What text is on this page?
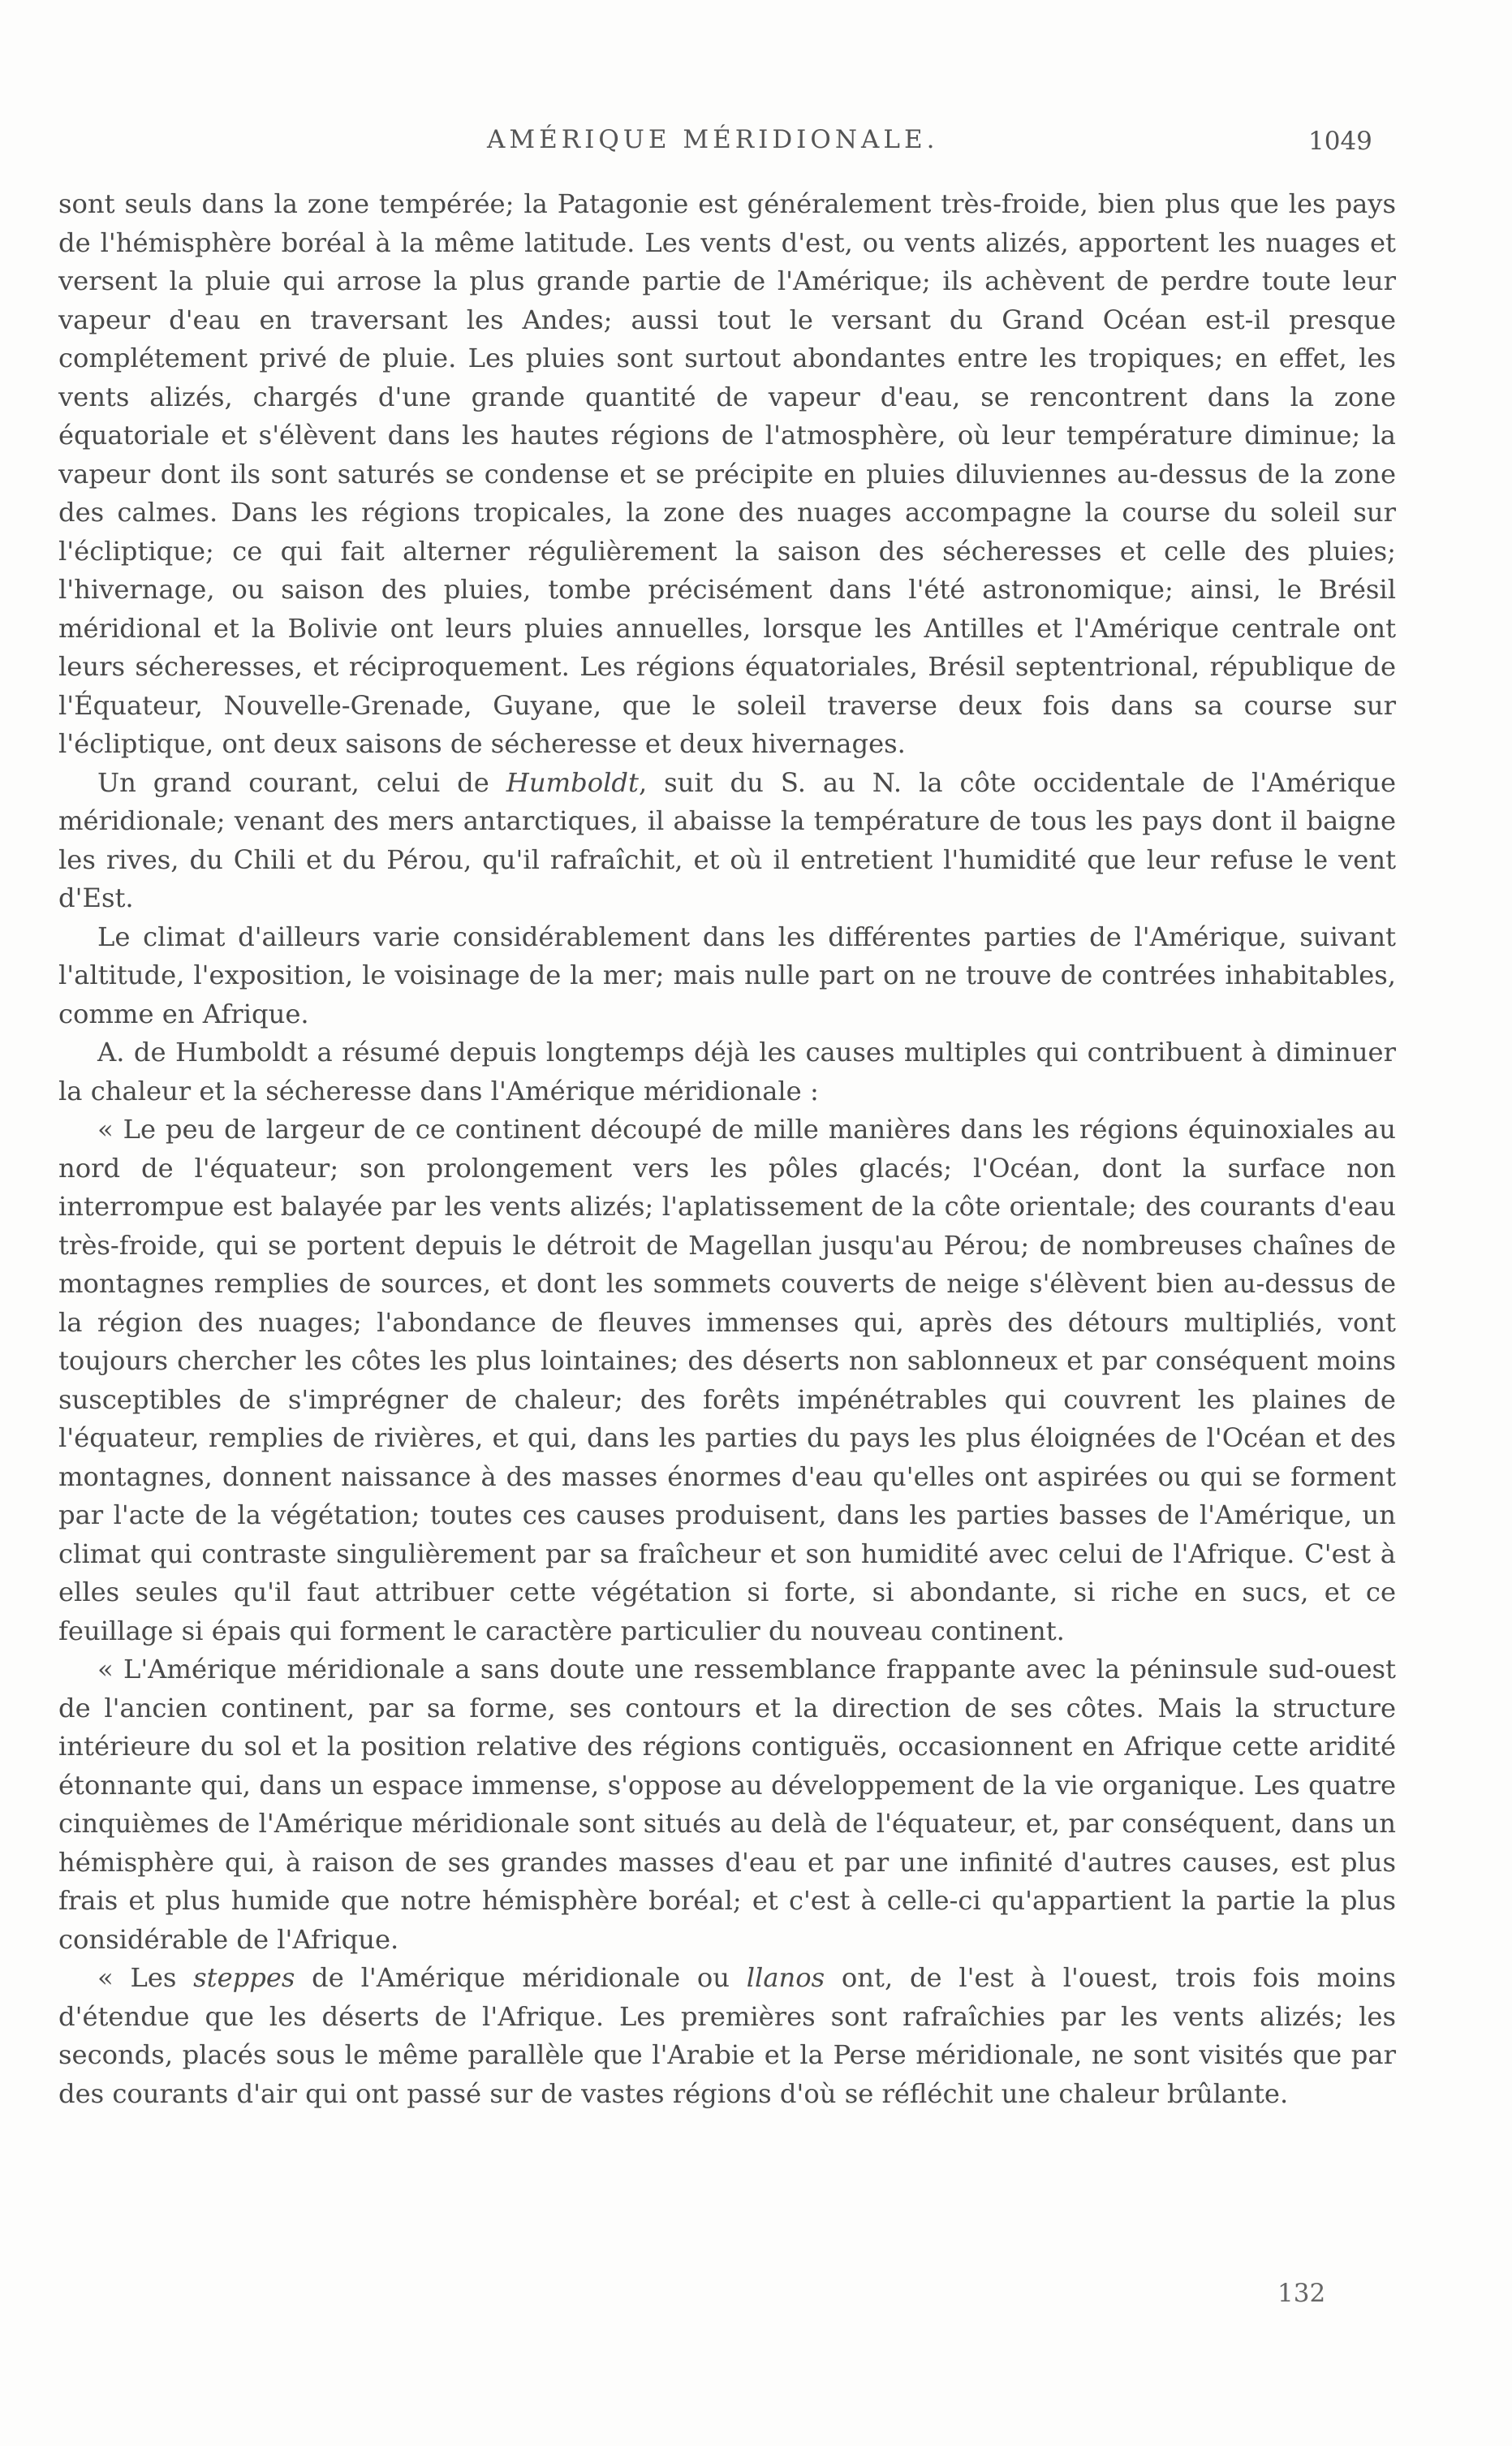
AMÉRIQUE MÉRIDIONALE.	1049

sont seuls dans la zone tempérée; la Patagonie est généralement très-froide, bien plus que les pays de l'hémisphère boréal à la même latitude. Les vents d'est, ou vents alizés, apportent les nuages et versent la pluie qui arrose la plus grande partie de l'Amérique; ils achèvent de perdre toute leur vapeur d'eau en traversant les Andes; aussi tout le versant du Grand Océan est-il presque complétement privé de pluie. Les pluies sont surtout abondantes entre les tropiques; en effet, les vents alizés, chargés d'une grande quantité de vapeur d'eau, se rencontrent dans la zone équatoriale et s'élèvent dans les hautes régions de l'atmosphère, où leur température diminue; la vapeur dont ils sont saturés se condense et se précipite en pluies diluviennes au-dessus de la zone des calmes. Dans les régions tropicales, la zone des nuages accompagne la course du soleil sur l'écliptique; ce qui fait alterner régulièrement la saison des sécheresses et celle des pluies; l'hivernage, ou saison des pluies, tombe précisément dans l'été astronomique; ainsi, le Brésil méridional et la Bolivie ont leurs pluies annuelles, lorsque les Antilles et l'Amérique centrale ont leurs sécheresses, et réciproquement. Les régions équatoriales, Brésil septentrional, république de l'Équateur, Nouvelle-Grenade, Guyane, que le soleil traverse deux fois dans sa course sur l'écliptique, ont deux saisons de sécheresse et deux hivernages.

Un grand courant, celui de Humboldt, suit du S. au N. la côte occidentale de l'Amérique méridionale; venant des mers antarctiques, il abaisse la température de tous les pays dont il baigne les rives, du Chili et du Pérou, qu'il rafraîchit, et où il entretient l'humidité que leur refuse le vent d'Est.

Le climat d'ailleurs varie considérablement dans les différentes parties de l'Amérique, suivant l'altitude, l'exposition, le voisinage de la mer; mais nulle part on ne trouve de contrées inhabitables, comme en Afrique.

A. de Humboldt a résumé depuis longtemps déjà les causes multiples qui contribuent à diminuer la chaleur et la sécheresse dans l'Amérique méridionale :

« Le peu de largeur de ce continent découpé de mille manières dans les régions équinoxiales au nord de l'équateur; son prolongement vers les pôles glacés; l'Océan, dont la surface non interrompue est balayée par les vents alizés; l'aplatissement de la côte orientale; des courants d'eau très-froide, qui se portent depuis le détroit de Magellan jusqu'au Pérou; de nombreuses chaînes de montagnes remplies de sources, et dont les sommets couverts de neige s'élèvent bien au-dessus de la région des nuages; l'abondance de fleuves immenses qui, après des détours multipliés, vont toujours chercher les côtes les plus lointaines; des déserts non sablonneux et par conséquent moins susceptibles de s'imprégner de chaleur; des forêts impénétrables qui couvrent les plaines de l'équateur, remplies de rivières, et qui, dans les parties du pays les plus éloignées de l'Océan et des montagnes, donnent naissance à des masses énormes d'eau qu'elles ont aspirées ou qui se forment par l'acte de la végétation; toutes ces causes produisent, dans les parties basses de l'Amérique, un climat qui contraste singulièrement par sa fraîcheur et son humidité avec celui de l'Afrique. C'est à elles seules qu'il faut attribuer cette végétation si forte, si abondante, si riche en sucs, et ce feuillage si épais qui forment le caractère particulier du nouveau continent.

« L'Amérique méridionale a sans doute une ressemblance frappante avec la péninsule sud-ouest de l'ancien continent, par sa forme, ses contours et la direction de ses côtes. Mais la structure intérieure du sol et la position relative des régions contiguës, occasionnent en Afrique cette aridité étonnante qui, dans un espace immense, s'oppose au développement de la vie organique. Les quatre cinquièmes de l'Amérique méridionale sont situés au delà de l'équateur, et, par conséquent, dans un hémisphère qui, à raison de ses grandes masses d'eau et par une infinité d'autres causes, est plus frais et plus humide que notre hémisphère boréal; et c'est à celle-ci qu'appartient la partie la plus considérable de l'Afrique.

« Les steppes de l'Amérique méridionale ou llanos ont, de l'est à l'ouest, trois fois moins d'étendue que les déserts de l'Afrique. Les premières sont rafraîchies par les vents alizés; les seconds, placés sous le même parallèle que l'Arabie et la Perse méridionale, ne sont visités que par des courants d'air qui ont passé sur de vastes régions d'où se réfléchit une chaleur brûlante.

132
